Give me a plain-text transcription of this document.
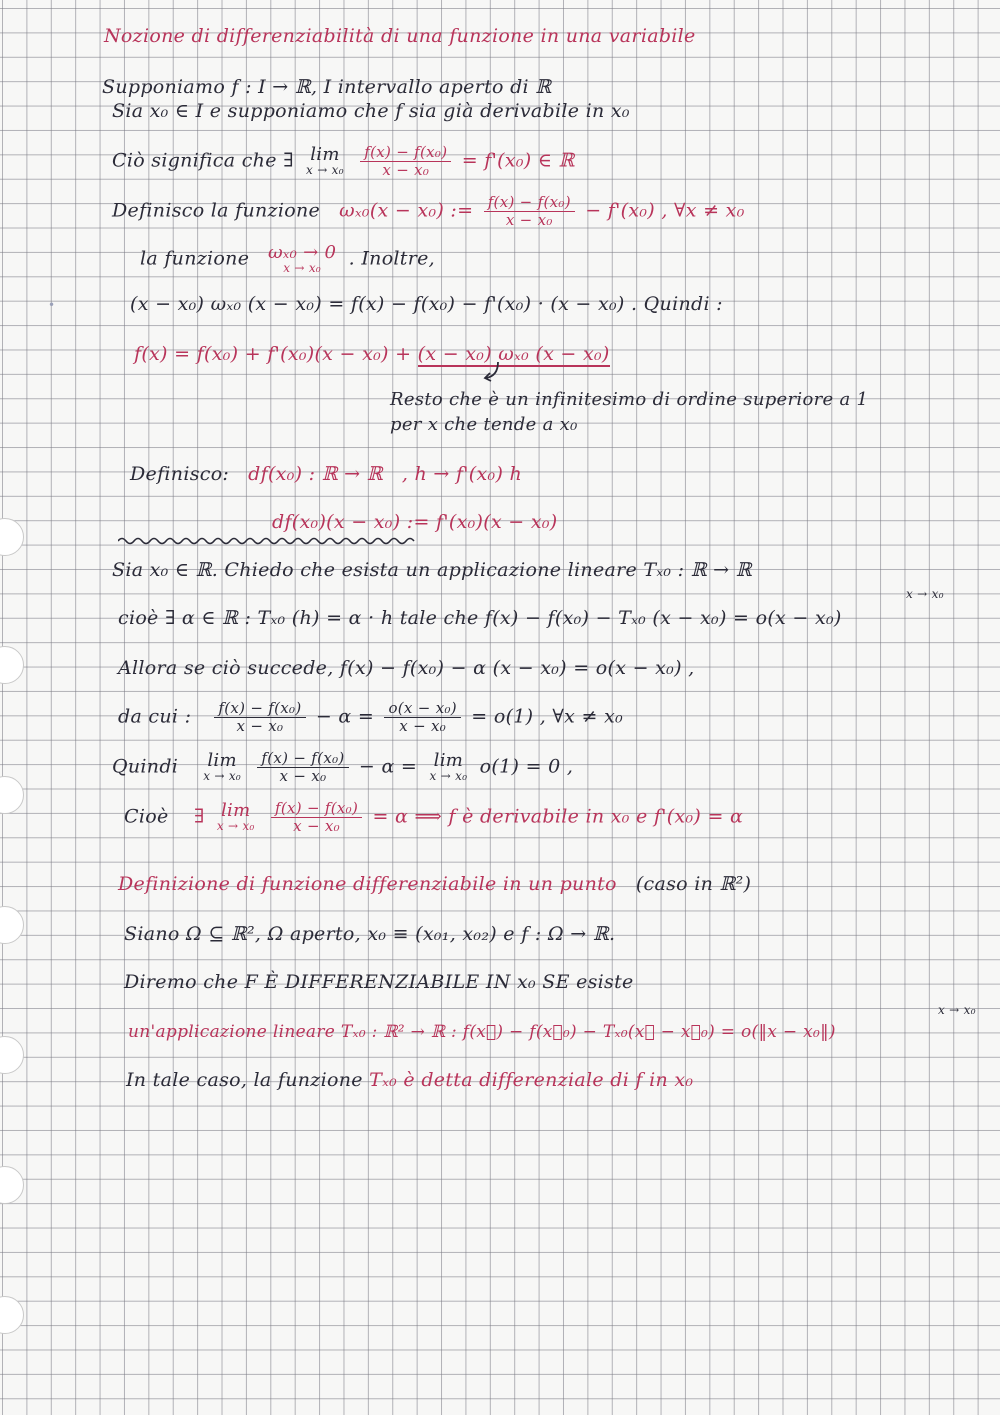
•
Nozione di differenziabilità di una funzione in una variabile
Supponiamo f : I → ℝ, I intervallo aperto di ℝ
Sia x₀ ∈ I e supponiamo che f sia già derivabile in x₀
Ciò significa che ∃ lim
x → x₀
$\frac{\text{f(x) − f(x₀)}}{\text{x − x₀}} = f'(x_0)$ ∈ ℝ
Definisco la funzione ωₓ₀(x − x₀) := $\frac{\text{f(x) − f(x₀)}}{\text{x − x₀}} - f'(x_0)$ , ∀x ≠ x₀
la funzione ωₓ₀ → 0
x → x₀	. Inoltre,
(x − x₀) ωₓ₀ (x − x₀) = f(x) − f(x₀) − f'(x₀) · (x − x₀) . Quindi :
f(x) = f(x₀) + f'(x₀)(x − x₀) + (x − x₀) ωₓ₀ (x − x₀)
Resto che è un infinitesimo di ordine superiore a 1
per x che tende a x₀
Definisco: df(x₀) : ℝ → ℝ , h → f'(x₀) h
df(x₀)(x − x₀) := f'(x₀)(x − x₀)
x → x₀
Sia x₀ ∈ ℝ. Chiedo che esista un applicazione lineare Tₓ₀ : ℝ → ℝ
cioè ∃ α ∈ ℝ : Tₓ₀ (h) = α · h tale che f(x) − f(x₀) − Tₓ₀ (x − x₀) = o(x − x₀)
Allora se ciò succede, f(x) − f(x₀) − α (x − x₀) = o(x − x₀) ,
da cui : $\frac{\text{f(x) − f(x₀)}}{\text{x − x₀}} - \alpha = \frac{\text{o(x − x₀)}}{\text{x − x₀}} = o(1)$ , ∀x ≠ x₀
Quindi lim
x → x₀
$\frac{\text{f(x) − f(x₀)}}{\text{x − x₀}} - \alpha = \lim$
x → x₀ o(1) = 0 ,
Cioè ∃ lim
x → x₀
$\frac{\text{f(x) − f(x₀)}}{\text{x − x₀}} = \alpha$ ⟹ f è derivabile in x₀ e f'(x₀) = α
Definizione di funzione differenziabile in un punto (caso in ℝ²)
Siano Ω ⊆ ℝ², Ω aperto, x₀ ≡ (x₀₁, x₀₂) e f : Ω → ℝ.
Diremo che F È DIFFERENZIABILE IN x₀ SE esiste
x → x₀
un'applicazione lineare Tₓ₀ : ℝ² → ℝ : f(x⃗) − f(x⃗₀) − Tₓ₀(x⃗ − x⃗₀) = o(‖x − x₀‖)
In tale caso, la funzione Tₓ₀ è detta differenziale di f in x₀
